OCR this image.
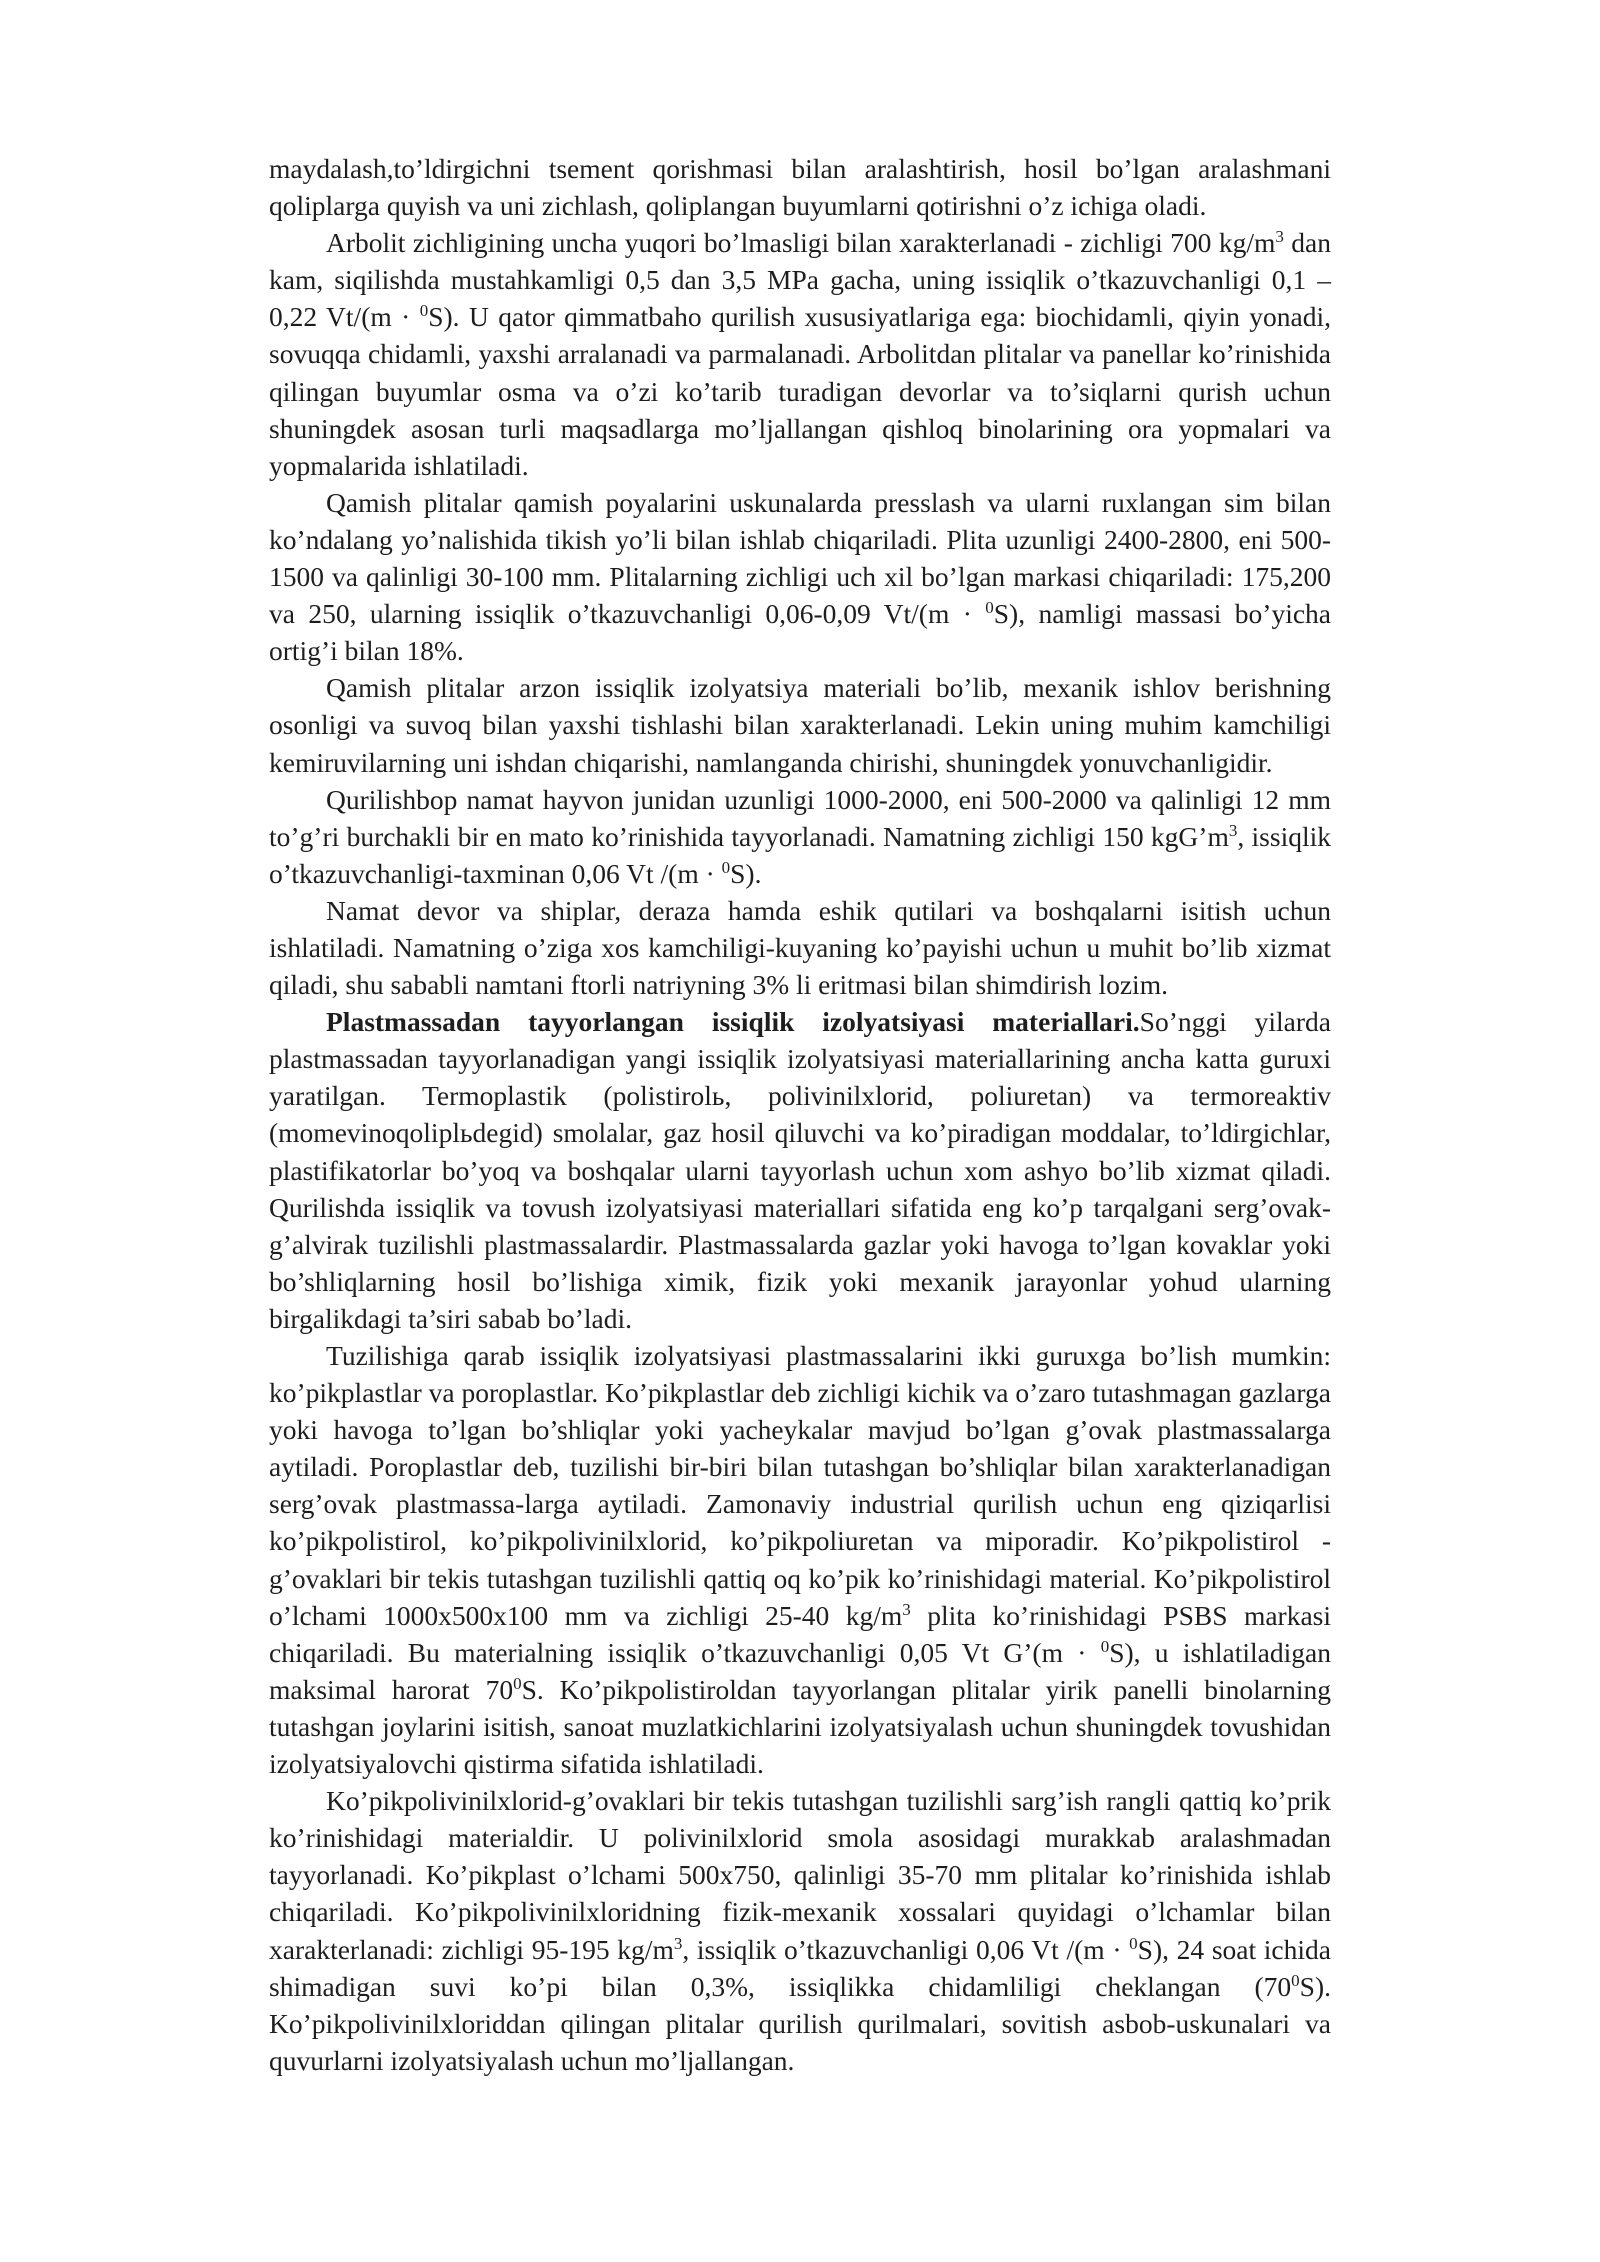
maydalash,to’ldirgichni tsement qorishmasi bilan aralashtirish, hosil bo’lgan aralashmani qoliplarga quyish va uni zichlash, qoliplangan buyumlarni qotirishni o’z ichiga oladi.

Arbolit zichligining uncha yuqori bo’lmasligi bilan xarakterlanadi - zichligi 700 $kg/m^3$ dan kam, siqilishda mustahkamligi 0,5 dan 3,5 MPa gacha, uning issiqlik o’tkazuvchanligi 0,1 – 0,22 Vt/(m · $^0$S). U qator qimmatbaho qurilish xususiyatlariga ega: biochidamli, qiyin yonadi, sovuqqa chidamli, yaxshi arralanadi va parmalanadi. Arbolitdan plitalar va panellar ko’rinishida qilingan buyumlar osma va o’zi ko’tarib turadigan devorlar va to’siqlarni qurish uchun shuningdek asosan turli maqsadlarga mo’ljallangan qishloq binolarining ora yopmalari va yopmalarida ishlatiladi.

Qamish plitalar qamish poyalarini uskunalarda presslash va ularni ruxlangan sim bilan ko’ndalang yo’nalishida tikish yo’li bilan ishlab chiqariladi. Plita uzunligi 2400-2800, eni 500-1500 va qalinligi 30-100 mm. Plitalarning zichligi uch xil bo’lgan markasi chiqariladi: 175,200 va 250, ularning issiqlik o’tkazuvchanligi 0,06-0,09 Vt/(m · $^0$S), namligi massasi bo’yicha ortig’i bilan 18%.

Qamish plitalar arzon issiqlik izolyatsiya materiali bo’lib, mexanik ishlov berishning osonligi va suvoq bilan yaxshi tishlashi bilan xarakterlanadi. Lekin uning muhim kamchiligi kemiruvilarning uni ishdan chiqarishi, namlanganda chirishi, shuningdek yonuvchanligidir.

Qurilishbop namat hayvon junidan uzunligi 1000-2000, eni 500-2000 va qalinligi 12 mm to’g’ri burchakli bir en mato ko’rinishida tayyorlanadi. Namatning zichligi 150 $kgG’m^3$, issiqlik o’tkazuvchanligi-taxminan 0,06 Vt /(m · $^0$S).

Namat devor va shiplar, deraza hamda eshik qutilari va boshqalarni isitish uchun ishlatiladi. Namatning o’ziga xos kamchiligi-kuyaning ko’payishi uchun u muhit bo’lib xizmat qiladi, shu sababli namtani ftorli natriyning 3% li eritmasi bilan shimdirish lozim.

Plastmassadan tayyorlangan issiqlik izolyatsiyasi materiallari.So’nggi yilarda plastmassadan tayyorlanadigan yangi issiqlik izolyatsiyasi materiallarining ancha katta guruxi yaratilgan. Termoplastik (polistirolь, polivinilxlorid, poliuretan) va termoreaktiv (momevinoqoliplьdegid) smolalar, gaz hosil qiluvchi va ko’piradigan moddalar, to’ldirgichlar, plastifikatorlar bo’yoq va boshqalar ularni tayyorlash uchun xom ashyo bo’lib xizmat qiladi. Qurilishda issiqlik va tovush izolyatsiyasi materiallari sifatida eng ko’p tarqalgani serg’ovak-g’alvirak tuzilishli plastmassalardir. Plastmassalarda gazlar yoki havoga to’lgan kovaklar yoki bo’shliqlarning hosil bo’lishiga ximik, fizik yoki mexanik jarayonlar yohud ularning birgalikdagi ta’siri sabab bo’ladi.

Tuzilishiga qarab issiqlik izolyatsiyasi plastmassalarini ikki guruxga bo’lish mumkin: ko’pikplastlar va poroplastlar. Ko’pikplastlar deb zichligi kichik va o’zaro tutashmagan gazlarga yoki havoga to’lgan bo’shliqlar yoki yacheykalar mavjud bo’lgan g’ovak plastmassalarga aytiladi. Poroplastlar deb, tuzilishi bir-biri bilan tutashgan bo’shliqlar bilan xarakterlanadigan serg’ovak plastmassa-larga aytiladi. Zamonaviy industrial qurilish uchun eng qiziqarlisi ko’pikpolistirol, ko’pikpolivinilxlorid, ko’pikpoliuretan va miporadir. Ko’pikpolistirol - g’ovaklari bir tekis tutashgan tuzilishli qattiq oq ko’pik ko’rinishidagi material. Ko’pikpolistirol o’lchami 1000x500x100 mm va zichligi 25-40 $kg/m^3$ plita ko’rinishidagi PSBS markasi chiqariladi. Bu materialning issiqlik o’tkazuvchanligi 0,05 Vt G’(m · $^0$S), u ishlatiladigan maksimal harorat $70^0S$. Ko’pikpolistiroldan tayyorlangan plitalar yirik panelli binolarning tutashgan joylarini isitish, sanoat muzlatkichlarini izolyatsiyalash uchun shuningdek tovushidan izolyatsiyalovchi qistirma sifatida ishlatiladi.

Ko’pikpolivinilxlorid-g’ovaklari bir tekis tutashgan tuzilishli sarg’ish rangli qattiq ko’prik ko’rinishidagi materialdir. U polivinilxlorid smola asosidagi murakkab aralashmadan tayyorlanadi. Ko’pikplast o’lchami 500x750, qalinligi 35-70 mm plitalar ko’rinishida ishlab chiqariladi. Ko’pikpolivinilxloridning fizik-mexanik xossalari quyidagi o’lchamlar bilan xarakterlanadi: zichligi 95-195 $kg/m^3$, issiqlik o’tkazuvchanligi 0,06 Vt /(m · $^0$S), 24 soat ichida shimadigan suvi ko’pi bilan 0,3%, issiqlikka chidamliligi cheklangan $(70^0S)$. Ko’pikpolivinilxloriddan qilingan plitalar qurilish qurilmalari, sovitish asbob-uskunalari va quvurlarni izolyatsiyalash uchun mo’ljallangan.
